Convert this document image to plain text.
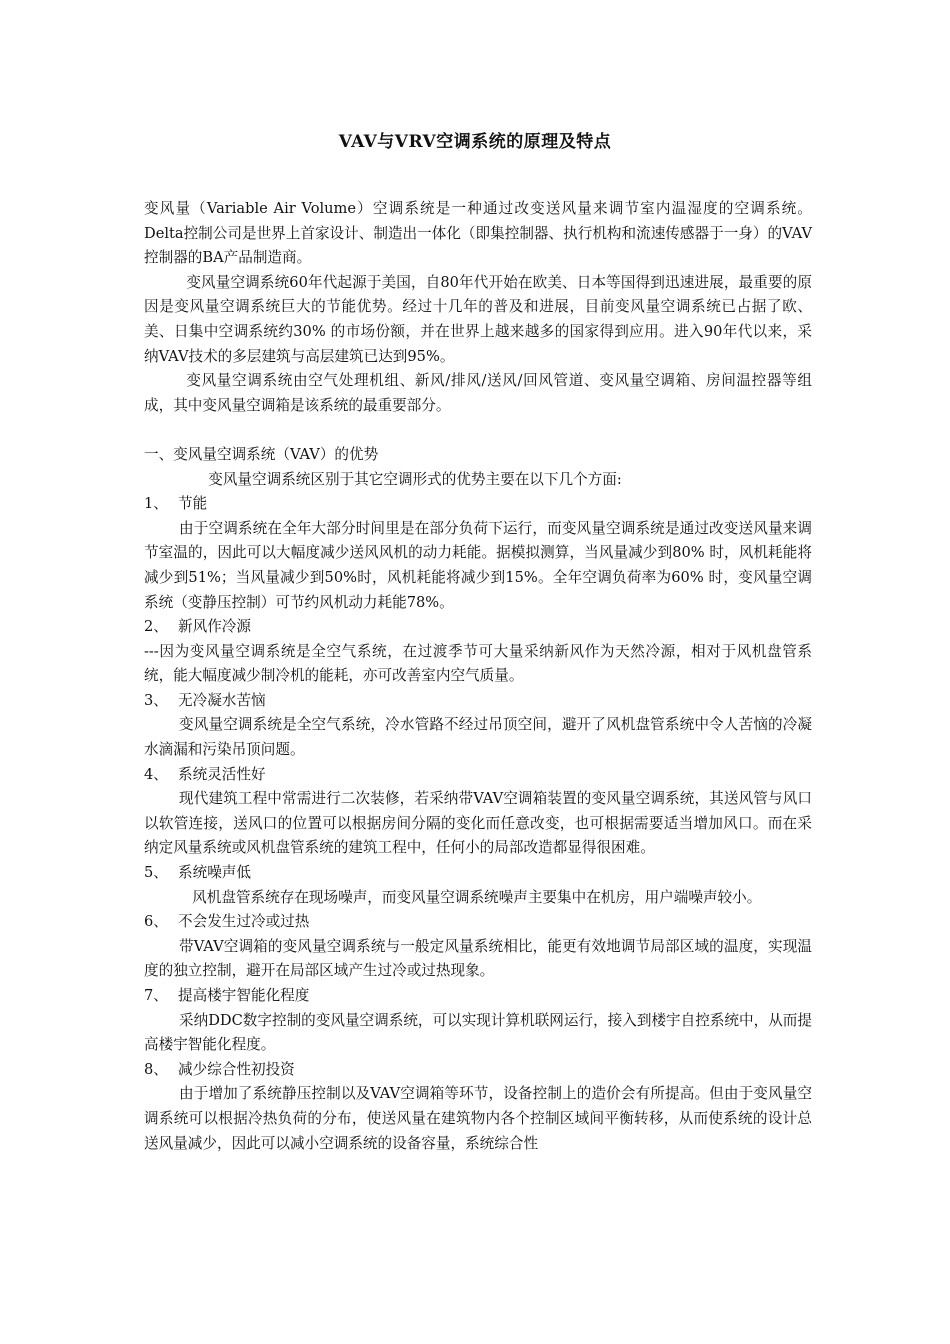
VAV与VRV空调系统的原理及特点

变风量（Variable Air Volume）空调系统是一种通过改变送风量来调节室内温湿度的空调系统。Delta控制公司是世界上首家设计、制造出一体化（即集控制器、执行机构和流速传感器于一身）的VAV控制器的BA产品制造商。

变风量空调系统60年代起源于美国，自80年代开始在欧美、日本等国得到迅速进展，最重要的原因是变风量空调系统巨大的节能优势。经过十几年的普及和进展，目前变风量空调系统已占据了欧、美、日集中空调系统约30% 的市场份额，并在世界上越来越多的国家得到应用。进入90年代以来，采纳VAV技术的多层建筑与高层建筑已达到95%。

变风量空调系统由空气处理机组、新风/排风/送风/回风管道、变风量空调箱、房间温控器等组成，其中变风量空调箱是该系统的最重要部分。

一、变风量空调系统（VAV）的优势

变风量空调系统区别于其它空调形式的优势主要在以下几个方面:

1、 节能

由于空调系统在全年大部分时间里是在部分负荷下运行，而变风量空调系统是通过改变送风量来调节室温的，因此可以大幅度减少送风风机的动力耗能。据模拟测算，当风量减少到80% 时，风机耗能将减少到51%；当风量减少到50%时，风机耗能将减少到15%。全年空调负荷率为60% 时，变风量空调系统（变静压控制）可节约风机动力耗能78%。

2、 新风作冷源

---因为变风量空调系统是全空气系统，在过渡季节可大量采纳新风作为天然冷源，相对于风机盘管系统，能大幅度减少制冷机的能耗，亦可改善室内空气质量。

3、 无冷凝水苦恼

变风量空调系统是全空气系统，冷水管路不经过吊顶空间，避开了风机盘管系统中令人苦恼的冷凝水滴漏和污染吊顶问题。

4、 系统灵活性好

现代建筑工程中常需进行二次装修，若采纳带VAV空调箱装置的变风量空调系统，其送风管与风口以软管连接，送风口的位置可以根据房间分隔的变化而任意改变，也可根据需要适当增加风口。而在采纳定风量系统或风机盘管系统的建筑工程中，任何小的局部改造都显得很困难。

5、 系统噪声低

风机盘管系统存在现场噪声，而变风量空调系统噪声主要集中在机房，用户端噪声较小。

6、 不会发生过冷或过热

带VAV空调箱的变风量空调系统与一般定风量系统相比，能更有效地调节局部区域的温度，实现温度的独立控制，避开在局部区域产生过冷或过热现象。

7、 提高楼宇智能化程度

采纳DDC数字控制的变风量空调系统，可以实现计算机联网运行，接入到楼宇自控系统中，从而提高楼宇智能化程度。

8、 减少综合性初投资

由于增加了系统静压控制以及VAV空调箱等环节，设备控制上的造价会有所提高。但由于变风量空调系统可以根据冷热负荷的分布，使送风量在建筑物内各个控制区域间平衡转移，从而使系统的设计总送风量减少，因此可以减小空调系统的设备容量，系统综合性
